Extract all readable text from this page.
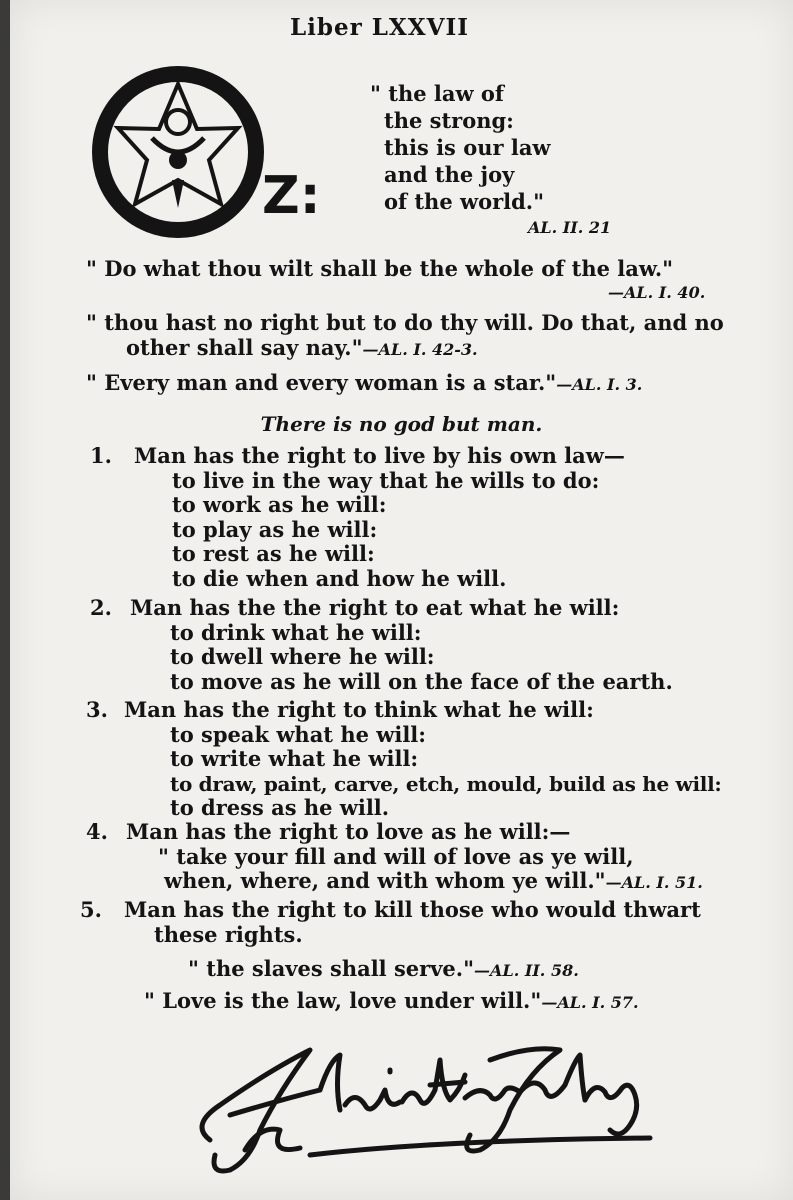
Liber LXXVII
Z:
" the law of
the strong:
this is our law
and the joy
of the world."
AL. II. 21
" Do what thou wilt shall be the whole of the law."
—AL. I. 40.
" thou hast no right but to do thy will. Do that, and no
other shall say nay."—AL. I. 42-3.
" Every man and every woman is a star."—AL. I. 3.
There is no god but man.
1.	Man has the right to live by his own law—
to live in the way that he wills to do:
to work as he will:
to play as he will:
to rest as he will:
to die when and how he will.
2. Man has the the right to eat what he will:
to drink what he will:
to dwell where he will:
to move as he will on the face of the earth.
3. Man has the right to think what he will:
to speak what he will:
to write what he will:
to draw, paint, carve, etch, mould, build as he will:
to dress as he will.
4. Man has the right to love as he will:—
" take your fill and will of love as ye will,
when, where, and with whom ye will."—AL. I. 51.
5.	Man has the right to kill those who would thwart
these rights.
" the slaves shall serve."—AL. II. 58.
" Love is the law, love under will."—AL. I. 57.
